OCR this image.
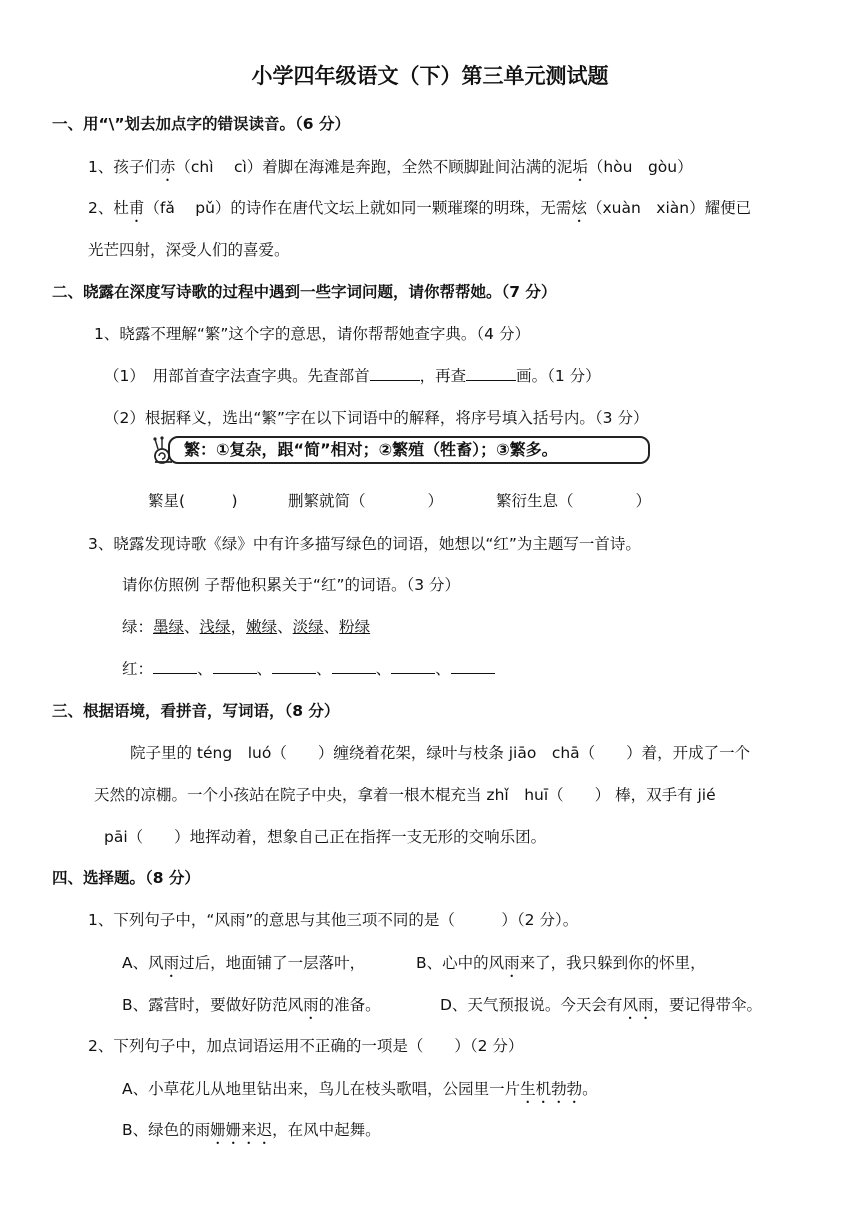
小学四年级语文（下）第三单元测试题
一、用“\”划去加点字的错误读音。（6 分）
1、孩子们赤（chì　 cì）着脚在海滩是奔跑，全然不顾脚趾间沾满的泥垢（hòu　gòu）
2、杜甫（fǎ　 pǔ）的诗作在唐代文坛上就如同一颗璀璨的明珠，无需炫（xuàn　xiàn）耀便已
光芒四射，深受人们的喜爱。
二、晓露在深度写诗歌的过程中遇到一些字词问题，请你帮帮她。（7 分）
1、晓露不理解“繁”这个字的意思，请你帮帮她查字典。（4 分）
（1）　用部首查字法查字典。先查部首	，再查	画。（1 分）
（2）根据释义，选出“繁”字在以下词语中的解释，将序号填入括号内。（3 分）
繁：①复杂，跟“简”相对；②繁殖（牲畜）；③繁多。
繁星(　　　)	删繁就简（　　　　）	繁衍生息（　　　　）
3、晓露发现诗歌《绿》中有许多描写绿色的词语，她想以“红”为主题写一首诗。
请你仿照例 子帮他积累关于“红”的词语。（3 分）
绿：墨绿、浅绿，嫩绿、淡绿、粉绿
红：	、	、	、	、	、
三、根据语境，看拼音，写词语，（8 分）
院子里的 téng　luó（　　）缠绕着花架，绿叶与枝条 jiāo　chā（　　）着，开成了一个
天然的凉棚。一个小孩站在院子中央，拿着一根木棍充当 zhǐ　huī（　　） 棒，双手有 jié
pāi（　　）地挥动着，想象自己正在指挥一支无形的交响乐团。
四、选择题。（8 分）
1、下列句子中，“风雨”的意思与其他三项不同的是（　　　）（2 分）。
A、风雨过后，地面铺了一层落叶，	B、心中的风雨来了，我只躲到你的怀里，
B、露营时，要做好防范风雨的准备。	D、天气预报说。今天会有风雨，要记得带伞。
2、下列句子中，加点词语运用不正确的一项是（　　）（2 分）
A、小草花儿从地里钻出来，鸟儿在枝头歌唱，公园里一片生机勃勃。
B、绿色的雨姗姗来迟，在风中起舞。
